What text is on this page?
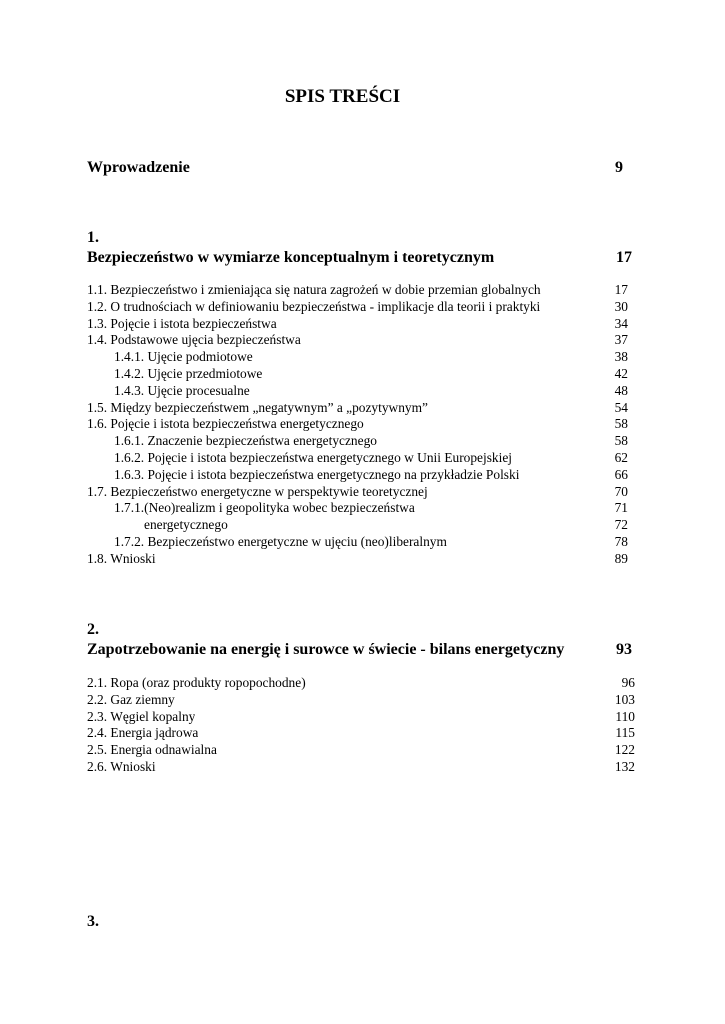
SPIS TREŚCI
Wprowadzenie	9
1.
Bezpieczeństwo w wymiarze konceptualnym i teoretycznym	17
1.1. Bezpieczeństwo i zmieniająca się natura zagrożeń w dobie przemian globalnych	17
1.2. O trudnościach w definiowaniu bezpieczeństwa - implikacje dla teorii i praktyki	30
1.3. Pojęcie i istota bezpieczeństwa	34
1.4. Podstawowe ujęcia bezpieczeństwa	37
1.4.1. Ujęcie podmiotowe	38
1.4.2. Ujęcie przedmiotowe	42
1.4.3. Ujęcie procesualne	48
1.5. Między bezpieczeństwem „negatywnym” a „pozytywnym”	54
1.6. Pojęcie i istota bezpieczeństwa energetycznego	58
1.6.1. Znaczenie bezpieczeństwa energetycznego	58
1.6.2. Pojęcie i istota bezpieczeństwa energetycznego w Unii Europejskiej	62
1.6.3. Pojęcie i istota bezpieczeństwa energetycznego na przykładzie Polski	66
1.7. Bezpieczeństwo energetyczne w perspektywie teoretycznej	70
1.7.1.(Neo)realizm i geopolityka wobec bezpieczeństwa	71
energetycznego	72
1.7.2. Bezpieczeństwo energetyczne w ujęciu (neo)liberalnym	78
1.8. Wnioski	89
2.
Zapotrzebowanie na energię i surowce w świecie - bilans energetyczny	93
2.1. Ropa (oraz produkty ropopochodne)	96
2.2. Gaz ziemny	103
2.3. Węgiel kopalny	110
2.4. Energia jądrowa	115
2.5. Energia odnawialna	122
2.6. Wnioski	132
3.
